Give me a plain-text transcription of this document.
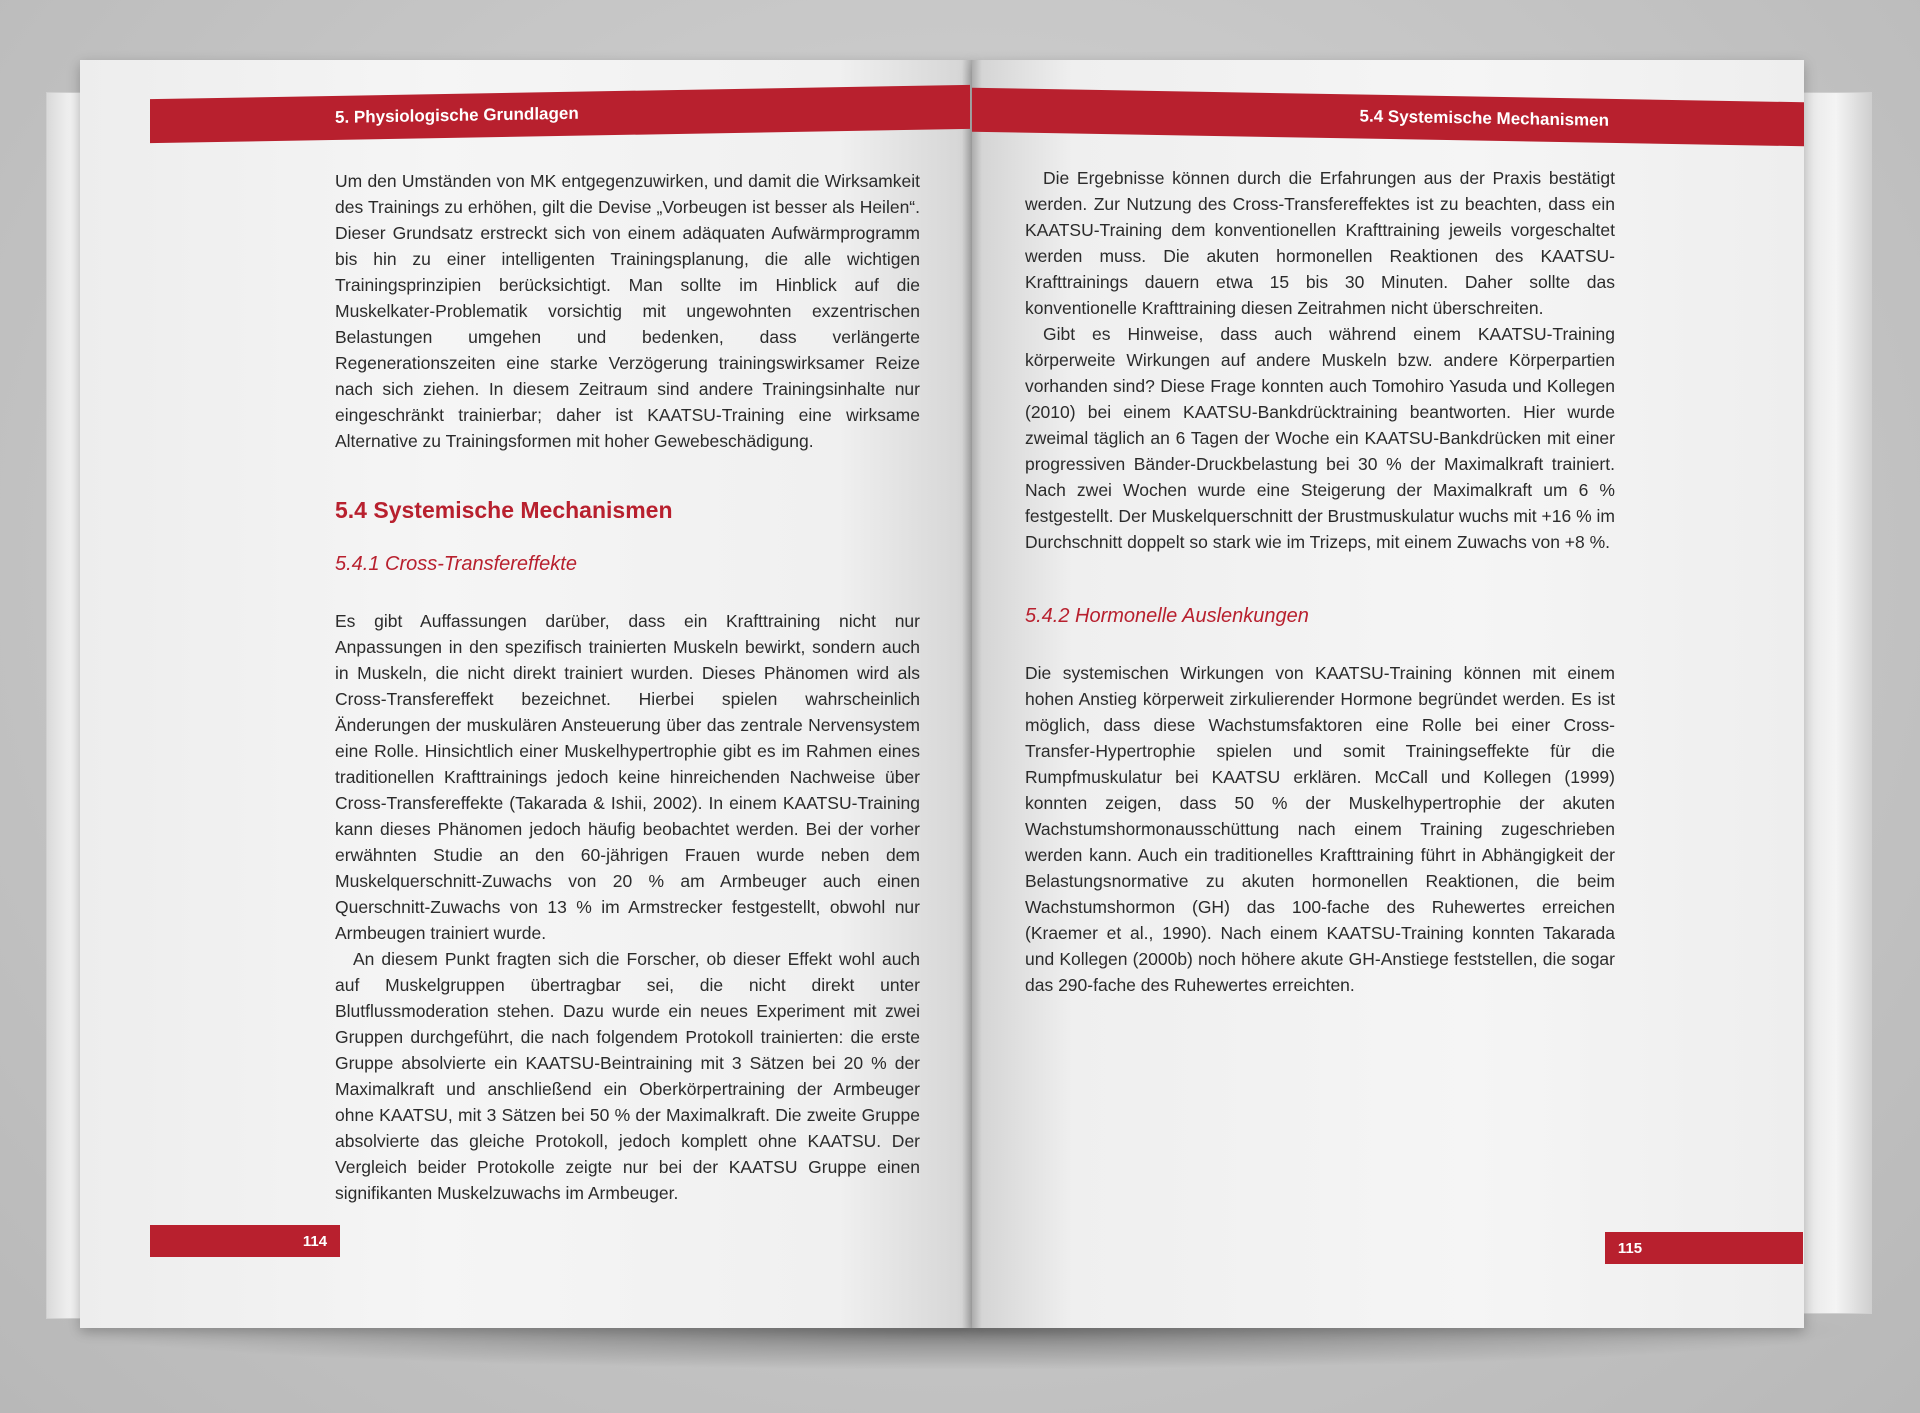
5. Physiologische Grundlagen	5.4 Systemische Mechanismen

Um den Umständen von MK entgegenzuwirken, und damit die Wirksamkeit des Trainings zu erhöhen, gilt die Devise „Vorbeugen ist besser als Heilen“. Dieser Grundsatz erstreckt sich von einem adäquaten Aufwärmprogramm bis hin zu einer intelligenten Trainingsplanung, die alle wichtigen Trainingsprinzipien berücksichtigt. Man sollte im Hinblick auf die Muskelkater-Problematik vorsichtig mit ungewohnten exzentrischen Belastungen umgehen und bedenken, dass verlängerte Regenerationszeiten eine starke Verzögerung trainingswirksamer Reize nach sich ziehen. In diesem Zeitraum sind andere Trainingsinhalte nur eingeschränkt trainierbar; daher ist KAATSU-Training eine wirksame Alternative zu Trainingsformen mit hoher Gewebeschädigung.

5.4 Systemische Mechanismen
5.4.1 Cross-Transfereffekte

Es gibt Auffassungen darüber, dass ein Krafttraining nicht nur Anpassungen in den spezifisch trainierten Muskeln bewirkt, sondern auch in Muskeln, die nicht direkt trainiert wurden. Dieses Phänomen wird als Cross-Transfereffekt bezeichnet. Hierbei spielen wahrscheinlich Änderungen der muskulären Ansteuerung über das zentrale Nervensystem eine Rolle. Hinsichtlich einer Muskelhypertrophie gibt es im Rahmen eines traditionellen Krafttrainings jedoch keine hinreichenden Nachweise über Cross-Transfereffekte (Takarada & Ishii, 2002). In einem KAATSU-Training kann dieses Phänomen jedoch häufig beobachtet werden. Bei der vorher erwähnten Studie an den 60-jährigen Frauen wurde neben dem Muskelquerschnitt-Zuwachs von 20 % am Armbeuger auch einen Querschnitt-Zuwachs von 13 % im Armstrecker festgestellt, obwohl nur Armbeugen trainiert wurde.

An diesem Punkt fragten sich die Forscher, ob dieser Effekt wohl auch auf Muskelgruppen übertragbar sei, die nicht direkt unter Blutflussmoderation stehen. Dazu wurde ein neues Experiment mit zwei Gruppen durchgeführt, die nach folgendem Protokoll trainierten: die erste Gruppe absolvierte ein KAATSU-Beintraining mit 3 Sätzen bei 20 % der Maximalkraft und anschließend ein Oberkörpertraining der Armbeuger ohne KAATSU, mit 3 Sätzen bei 50 % der Maximalkraft. Die zweite Gruppe absolvierte das gleiche Protokoll, jedoch komplett ohne KAATSU. Der Vergleich beider Protokolle zeigte nur bei der KAATSU Gruppe einen signifikanten Muskelzuwachs im Armbeuger.

114

Die Ergebnisse können durch die Erfahrungen aus der Praxis bestätigt werden. Zur Nutzung des Cross-Transfereffektes ist zu beachten, dass ein KAATSU-Training dem konventionellen Krafttraining jeweils vorgeschaltet werden muss. Die akuten hormonellen Reaktionen des KAATSU-Krafttrainings dauern etwa 15 bis 30 Minuten. Daher sollte das konventionelle Krafttraining diesen Zeitrahmen nicht überschreiten.

Gibt es Hinweise, dass auch während einem KAATSU-Training körperweite Wirkungen auf andere Muskeln bzw. andere Körperpartien vorhanden sind? Diese Frage konnten auch Tomohiro Yasuda und Kollegen (2010) bei einem KAATSU-Bankdrücktraining beantworten. Hier wurde zweimal täglich an 6 Tagen der Woche ein KAATSU-Bankdrücken mit einer progressiven Bänder-Druckbelastung bei 30 % der Maximalkraft trainiert. Nach zwei Wochen wurde eine Steigerung der Maximalkraft um 6 % festgestellt. Der Muskelquerschnitt der Brustmuskulatur wuchs mit +16 % im Durchschnitt doppelt so stark wie im Trizeps, mit einem Zuwachs von +8 %.

5.4.2 Hormonelle Auslenkungen

Die systemischen Wirkungen von KAATSU-Training können mit einem hohen Anstieg körperweit zirkulierender Hormone begründet werden. Es ist möglich, dass diese Wachstumsfaktoren eine Rolle bei einer Cross-Transfer-Hypertrophie spielen und somit Trainingseffekte für die Rumpfmuskulatur bei KAATSU erklären. McCall und Kollegen (1999) konnten zeigen, dass 50 % der Muskelhypertrophie der akuten Wachstumshormonausschüttung nach einem Training zugeschrieben werden kann. Auch ein traditionelles Krafttraining führt in Abhängigkeit der Belastungsnormative zu akuten hormonellen Reaktionen, die beim Wachstumshormon (GH) das 100-fache des Ruhewertes erreichen (Kraemer et al., 1990). Nach einem KAATSU-Training konnten Takarada und Kollegen (2000b) noch höhere akute GH-Anstiege feststellen, die sogar das 290-fache des Ruhewertes erreichten.

115
